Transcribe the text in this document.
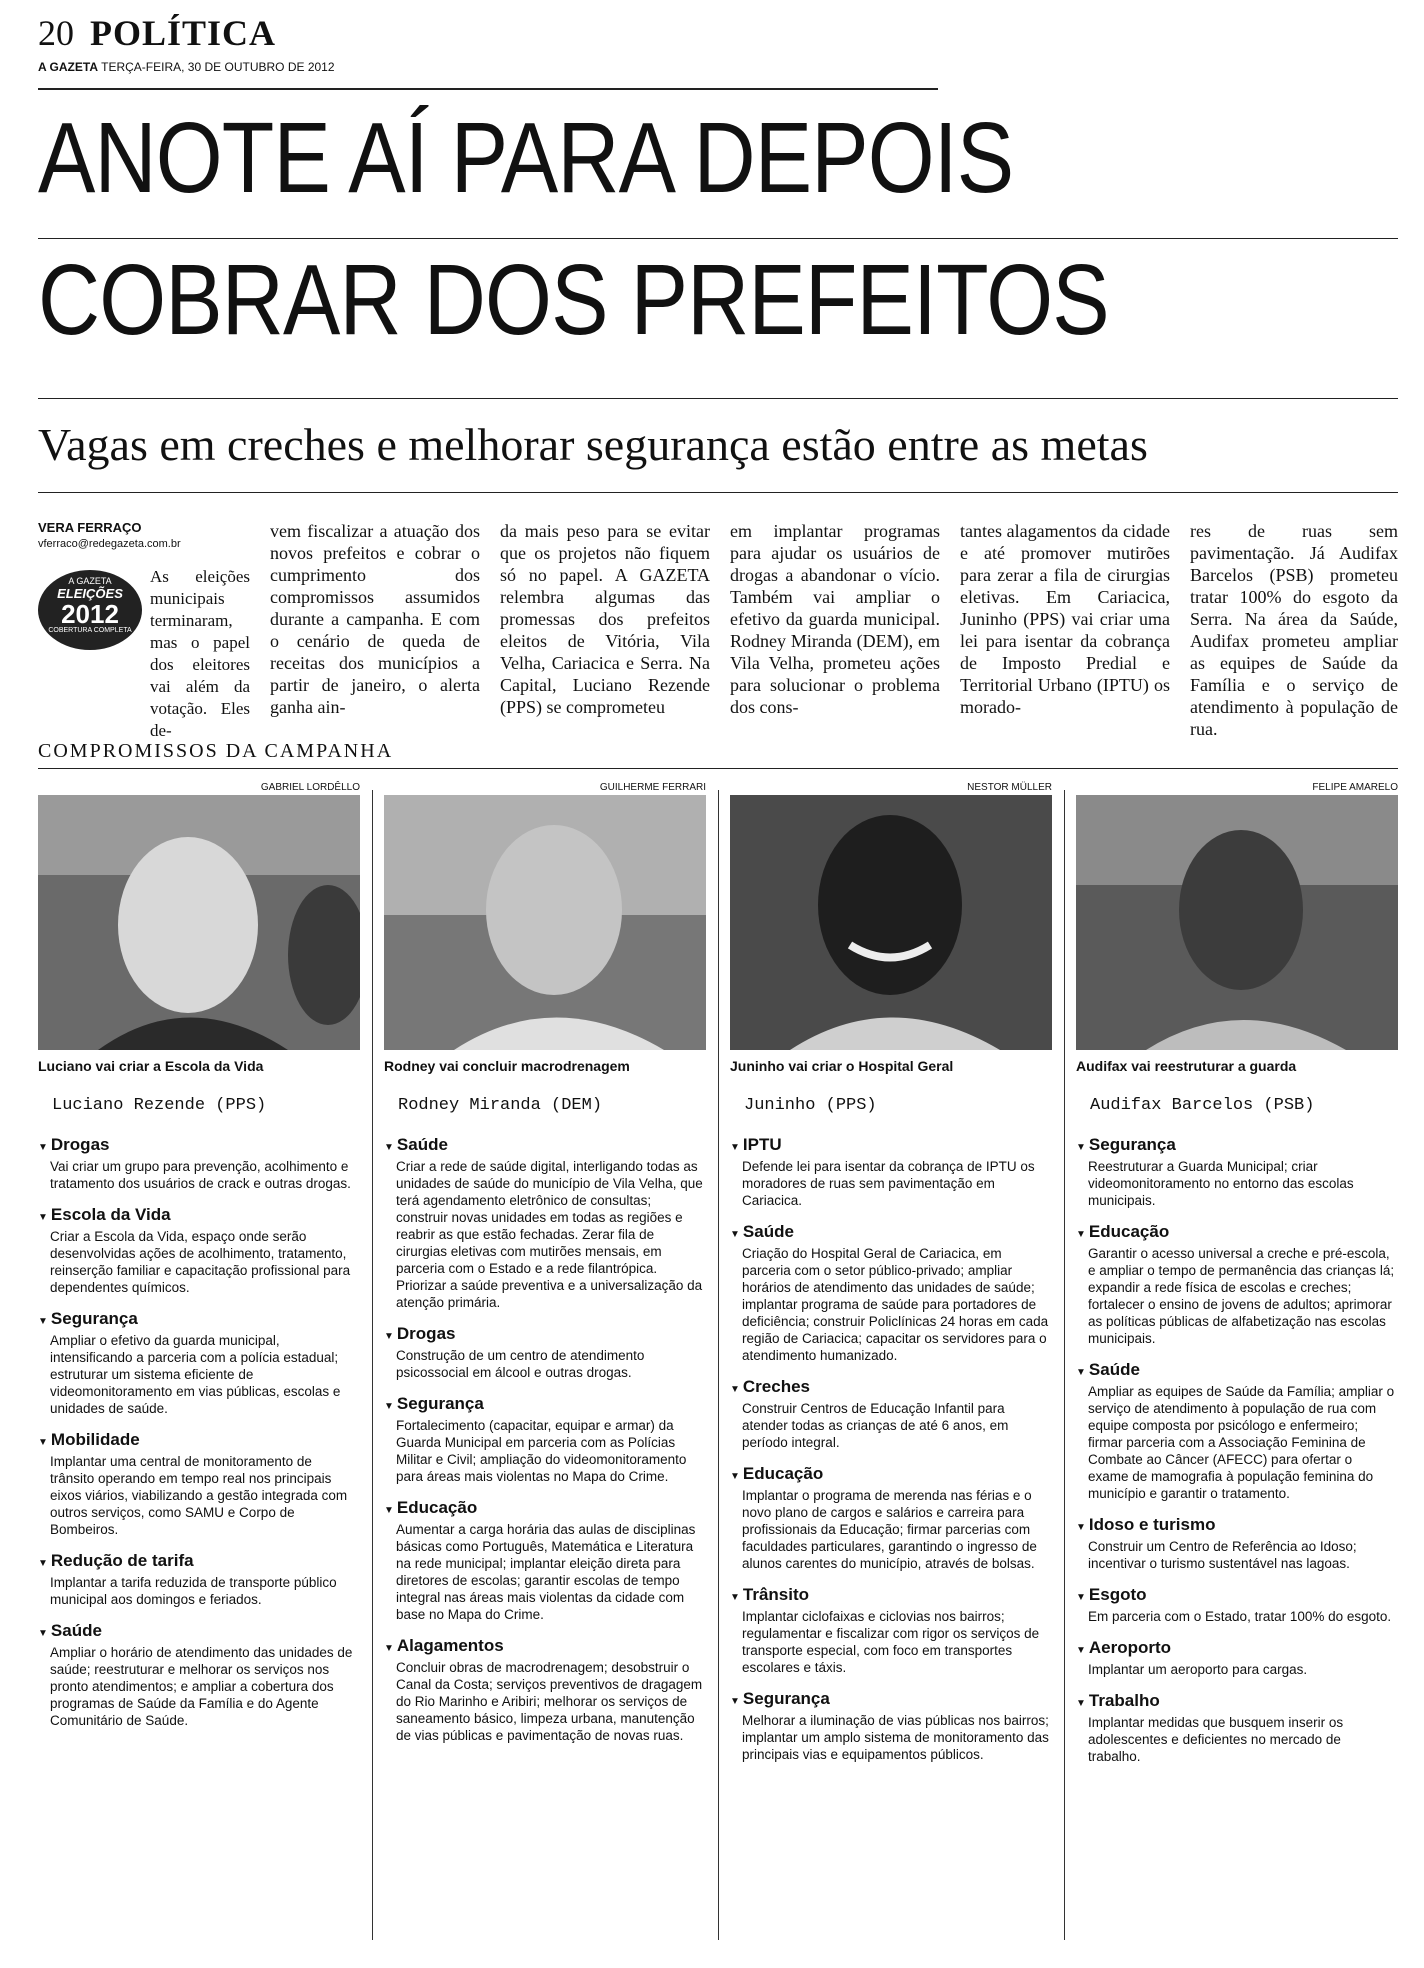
20 POLÍTICA
A GAZETA TERÇA-FEIRA, 30 DE OUTUBRO DE 2012
ANOTE AÍ PARA DEPOIS
COBRAR DOS PREFEITOS
Vagas em creches e melhorar segurança estão entre as metas
VERA FERRAÇO
vferraco@redegazeta.com.br
A GAZETA
ELEIÇÕES
2012
COBERTURA COMPLETA
As eleições municipais terminaram, mas o papel dos eleitores vai além da votação. Eles de-
vem fiscalizar a atuação dos novos prefeitos e cobrar o cumprimento dos compromissos assumidos durante a campanha. E com o cenário de queda de receitas dos municípios a partir de janeiro, o alerta ganha ain-
da mais peso para se evitar que os projetos não fiquem só no papel. A GAZETA relembra algumas das promessas dos prefeitos eleitos de Vitória, Vila Velha, Cariacica e Serra. Na Capital, Luciano Rezende (PPS) se comprometeu
em implantar programas para ajudar os usuários de drogas a abandonar o vício. Também vai ampliar o efetivo da guarda municipal. Rodney Miranda (DEM), em Vila Velha, prometeu ações para solucionar o problema dos cons-
tantes alagamentos da cidade e até promover mutirões para zerar a fila de cirurgias eletivas. Em Cariacica, Juninho (PPS) vai criar uma lei para isentar da cobrança de Imposto Predial e Territorial Urbano (IPTU) os morado-
res de ruas sem pavimentação. Já Audifax Barcelos (PSB) prometeu tratar 100% do esgoto da Serra. Na área da Saúde, Audifax prometeu ampliar as equipes de Saúde da Família e o serviço de atendimento à população de rua.
COMPROMISSOS DA CAMPANHA
GABRIEL LORDÊLLO
Luciano vai criar a Escola da Vida
Luciano Rezende (PPS)
▼ Drogas

Vai criar um grupo para prevenção, acolhimento e tratamento dos usuários de crack e outras drogas.

▼ Escola da Vida

Criar a Escola da Vida, espaço onde serão desenvolvidas ações de acolhimento, tratamento, reinserção familiar e capacitação profissional para dependentes químicos.

▼ Segurança

Ampliar o efetivo da guarda municipal, intensificando a parceria com a polícia estadual; estruturar um sistema eficiente de videomonitoramento em vias públicas, escolas e unidades de saúde.

▼ Mobilidade

Implantar uma central de monitoramento de trânsito operando em tempo real nos principais eixos viários, viabilizando a gestão integrada com outros serviços, como SAMU e Corpo de Bombeiros.

▼ Redução de tarifa

Implantar a tarifa reduzida de transporte público municipal aos domingos e feriados.

▼ Saúde

Ampliar o horário de atendimento das unidades de saúde; reestruturar e melhorar os serviços nos pronto atendimentos; e ampliar a cobertura dos programas de Saúde da Família e do Agente Comunitário de Saúde.

GUILHERME FERRARI
Rodney vai concluir macrodrenagem
Rodney Miranda (DEM)
▼ Saúde

Criar a rede de saúde digital, interligando todas as unidades de saúde do município de Vila Velha, que terá agendamento eletrônico de consultas; construir novas unidades em todas as regiões e reabrir as que estão fechadas. Zerar fila de cirurgias eletivas com mutirões mensais, em parceria com o Estado e a rede filantrópica. Priorizar a saúde preventiva e a universalização da atenção primária.

▼ Drogas

Construção de um centro de atendimento psicossocial em álcool e outras drogas.

▼ Segurança

Fortalecimento (capacitar, equipar e armar) da Guarda Municipal em parceria com as Polícias Militar e Civil; ampliação do videomonitoramento para áreas mais violentas no Mapa do Crime.

▼ Educação

Aumentar a carga horária das aulas de disciplinas básicas como Português, Matemática e Literatura na rede municipal; implantar eleição direta para diretores de escolas; garantir escolas de tempo integral nas áreas mais violentas da cidade com base no Mapa do Crime.

▼ Alagamentos

Concluir obras de macrodrenagem; desobstruir o Canal da Costa; serviços preventivos de dragagem do Rio Marinho e Aribiri; melhorar os serviços de saneamento básico, limpeza urbana, manutenção de vias públicas e pavimentação de novas ruas.

NESTOR MÜLLER
Juninho vai criar o Hospital Geral
Juninho (PPS)
▼ IPTU

Defende lei para isentar da cobrança de IPTU os moradores de ruas sem pavimentação em Cariacica.

▼ Saúde

Criação do Hospital Geral de Cariacica, em parceria com o setor público-privado; ampliar horários de atendimento das unidades de saúde; implantar programa de saúde para portadores de deficiência; construir Policlínicas 24 horas em cada região de Cariacica; capacitar os servidores para o atendimento humanizado.

▼ Creches

Construir Centros de Educação Infantil para atender todas as crianças de até 6 anos, em período integral.

▼ Educação

Implantar o programa de merenda nas férias e o novo plano de cargos e salários e carreira para profissionais da Educação; firmar parcerias com faculdades particulares, garantindo o ingresso de alunos carentes do município, através de bolsas.

▼ Trânsito

Implantar ciclofaixas e ciclovias nos bairros; regulamentar e fiscalizar com rigor os serviços de transporte especial, com foco em transportes escolares e táxis.

▼ Segurança

Melhorar a iluminação de vias públicas nos bairros; implantar um amplo sistema de monitoramento das principais vias e equipamentos públicos.

FELIPE AMARELO
Audifax vai reestruturar a guarda
Audifax Barcelos (PSB)
▼ Segurança

Reestruturar a Guarda Municipal; criar videomonitoramento no entorno das escolas municipais.

▼ Educação

Garantir o acesso universal a creche e pré-escola, e ampliar o tempo de permanência das crianças lá; expandir a rede física de escolas e creches; fortalecer o ensino de jovens de adultos; aprimorar as políticas públicas de alfabetização nas escolas municipais.

▼ Saúde

Ampliar as equipes de Saúde da Família; ampliar o serviço de atendimento à população de rua com equipe composta por psicólogo e enfermeiro; firmar parceria com a Associação Feminina de Combate ao Câncer (AFECC) para ofertar o exame de mamografia à população feminina do município e garantir o tratamento.

▼ Idoso e turismo

Construir um Centro de Referência ao Idoso; incentivar o turismo sustentável nas lagoas.

▼ Esgoto

Em parceria com o Estado, tratar 100% do esgoto.

▼ Aeroporto

Implantar um aeroporto para cargas.

▼ Trabalho

Implantar medidas que busquem inserir os adolescentes e deficientes no mercado de trabalho.
